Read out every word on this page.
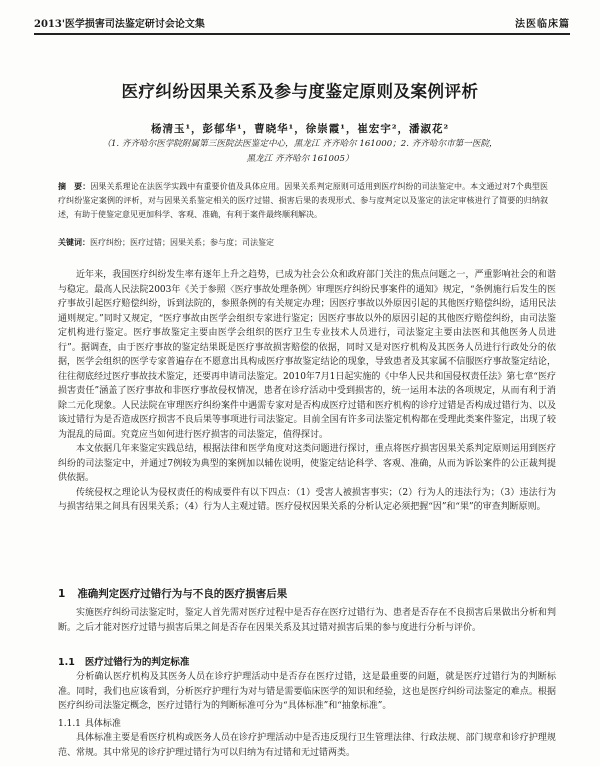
2013'医学损害司法鉴定研讨会论文集	法医临床篇
医疗纠纷因果关系及参与度鉴定原则及案例评析
杨清玉¹，彭郁华¹，曹晓华¹，徐崇霞¹，崔宏宇²，潘淑花²
（1. 齐齐哈尔医学院附属第三医院法医鉴定中心，黑龙江 齐齐哈尔 161000；2. 齐齐哈尔市第一医院，
黑龙江 齐齐哈尔 161005）
摘　要：因果关系理论在法医学实践中有重要价值及具体应用。因果关系判定原则可适用到医疗纠纷的司法鉴定中。本文通过对7个典型医疗纠纷鉴定案例的评析，对与因果关系鉴定相关的医疗过错、损害后果的表现形式、参与度判定以及鉴定的法定审核进行了简要的归纳叙述，有助于使鉴定意见更加科学、客观、准确，有利于案件最终顺利解决。
关键词：医疗纠纷；医疗过错；因果关系；参与度；司法鉴定

近年来，我国医疗纠纷发生率有逐年上升之趋势，已成为社会公众和政府部门关注的焦点问题之一，严重影响社会的和谐与稳定。最高人民法院2003年《关于参照〈医疗事故处理条例〉审理医疗纠纷民事案件的通知》规定，“条例施行后发生的医疗事故引起医疗赔偿纠纷，诉到法院的，参照条例的有关规定办理；因医疗事故以外原因引起的其他医疗赔偿纠纷，适用民法通则规定。”同时又规定，“医疗事故由医学会组织专家进行鉴定；因医疗事故以外的原因引起的其他医疗赔偿纠纷，由司法鉴定机构进行鉴定。医疗事故鉴定主要由医学会组织的医疗卫生专业技术人员进行，司法鉴定主要由法医和其他医务人员进行”。据调查，由于医疗事故的鉴定结果既是医疗事故损害赔偿的依据，同时又是对医疗机构及其医务人员进行行政处分的依据，医学会组织的医学专家普遍存在不愿意出具构成医疗事故鉴定结论的现象，导致患者及其家属不信服医疗事故鉴定结论，往往彻底经过医疗事故技术鉴定，还要再申请司法鉴定。2010年7月1日起实施的《中华人民共和国侵权责任法》第七章“医疗损害责任”涵盖了医疗事故和非医疗事故侵权情况，患者在诊疗活动中受到损害的，统一运用本法的各项规定，从而有利于消除二元化现象。人民法院在审理医疗纠纷案件中遇需专家对是否构成医疗过错和医疗机构的诊疗过错是否构成过错行为、以及该过错行为是否造成医疗损害不良后果等事项进行司法鉴定。目前全国有许多司法鉴定机构都在受理此类案件鉴定，出现了较为混乱的局面。究竟应当如何进行医疗损害的司法鉴定，值得探讨。

本文依据几年来鉴定实践总结，根据法律和医学角度对这类问题进行探讨，重点将医疗损害因果关系判定原则运用到医疗纠纷的司法鉴定中，并通过7例较为典型的案例加以辅佐说明，使鉴定结论科学、客观、准确，从而为诉讼案件的公正裁判提供依据。

传统侵权之理论认为侵权责任的构成要件有以下四点：（1）受害人被损害事实；（2）行为人的违法行为；（3）违法行为与损害结果之间具有因果关系；（4）行为人主观过错。医疗侵权因果关系的分析认定必须把握“因”和“果”的审查判断原则。

1 准确判定医疗过错行为与不良的医疗损害后果
实施医疗纠纷司法鉴定时，鉴定人首先需对医疗过程中是否存在医疗过错行为、患者是否存在不良损害后果做出分析和判断。之后才能对医疗过错与损害后果之间是否存在因果关系及其过错对损害后果的参与度进行分析与评价。
1.1 医疗过错行为的判定标准
分析确认医疗机构及其医务人员在诊疗护理活动中是否存在医疗过错，这是最重要的问题，就是医疗过错行为的判断标准。同时，我们也应该看到，分析医疗护理行为对与错是需要临床医学的知识和经验，这也是医疗纠纷司法鉴定的难点。根据医疗纠纷司法鉴定概念，医疗过错行为的判断标准可分为“具体标准”和“抽象标准”。
1.1.1 具体标准
具体标准主要是看医疗机构或医务人员在诊疗护理活动中是否违反现行卫生管理法律、行政法规、部门规章和诊疗护理规范、常规。其中常见的诊疗护理过错行为可以归纳为有过错和无过错两类。
